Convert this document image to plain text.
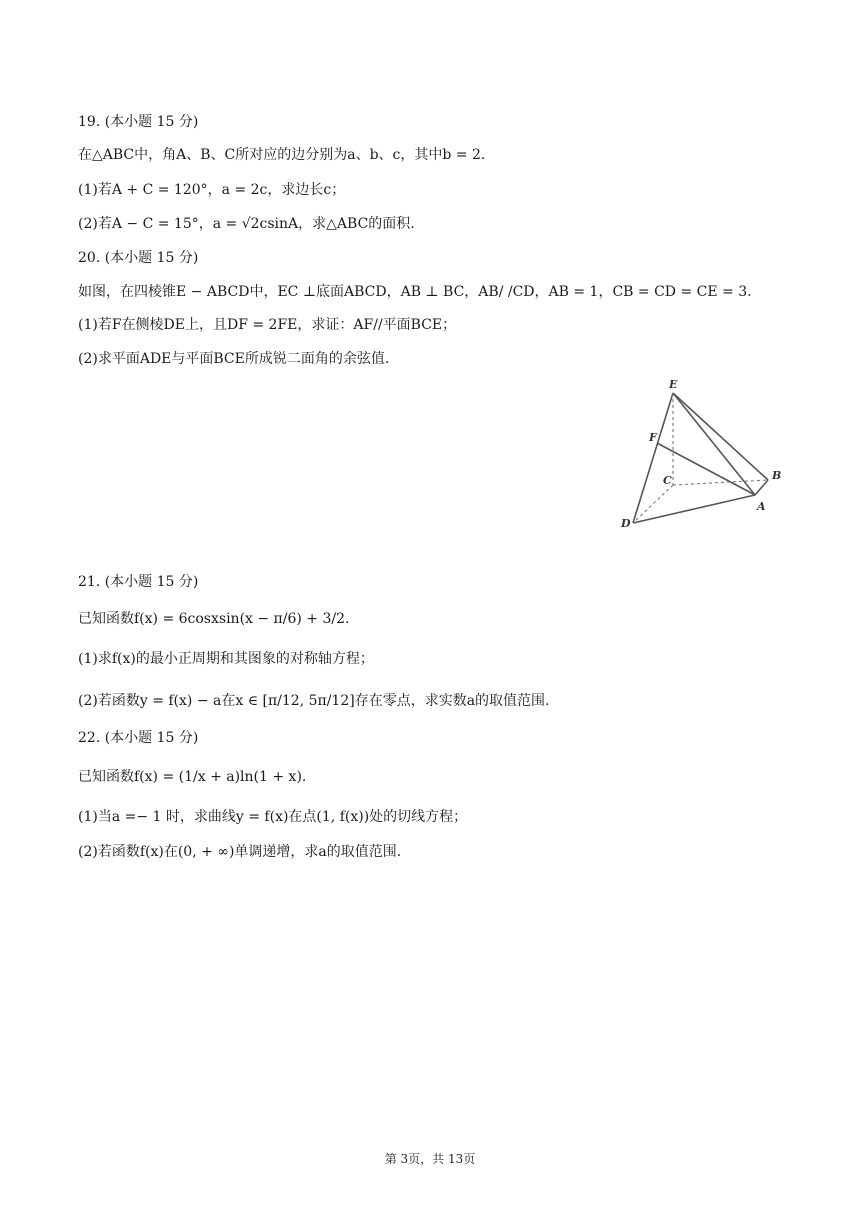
19. (本小题 15 分)
在△ABC中，角A、B、C所对应的边分别为a、b、c，其中b = 2.
(1)若A + C = 120°，a = 2c，求边长c；
(2)若A − C = 15°，a = √2csinA，求△ABC的面积.
20. (本小题 15 分)
如图，在四棱锥E − ABCD中，EC ⊥底面ABCD，AB ⊥ BC，AB/ /CD，AB = 1，CB = CD = CE = 3.
(1)若F在侧棱DE上，且DF = 2FE，求证：AF//平面BCE；
(2)求平面ADE与平面BCE所成锐二面角的余弦值.
E
F
C	B
A
D
21. (本小题 15 分)
已知函数f(x) = 6cosxsin(x − π/6) + 3/2.
(1)求f(x)的最小正周期和其图象的对称轴方程；
(2)若函数y = f(x) − a在x ∈ [π/12, 5π/12]存在零点，求实数a的取值范围.
22. (本小题 15 分)
已知函数f(x) = (1/x + a)ln(1 + x).
(1)当a =− 1 时，求曲线y = f(x)在点(1, f(x))处的切线方程；
(2)若函数f(x)在(0, + ∞)单调递增，求a的取值范围.
第 3页，共 13页
